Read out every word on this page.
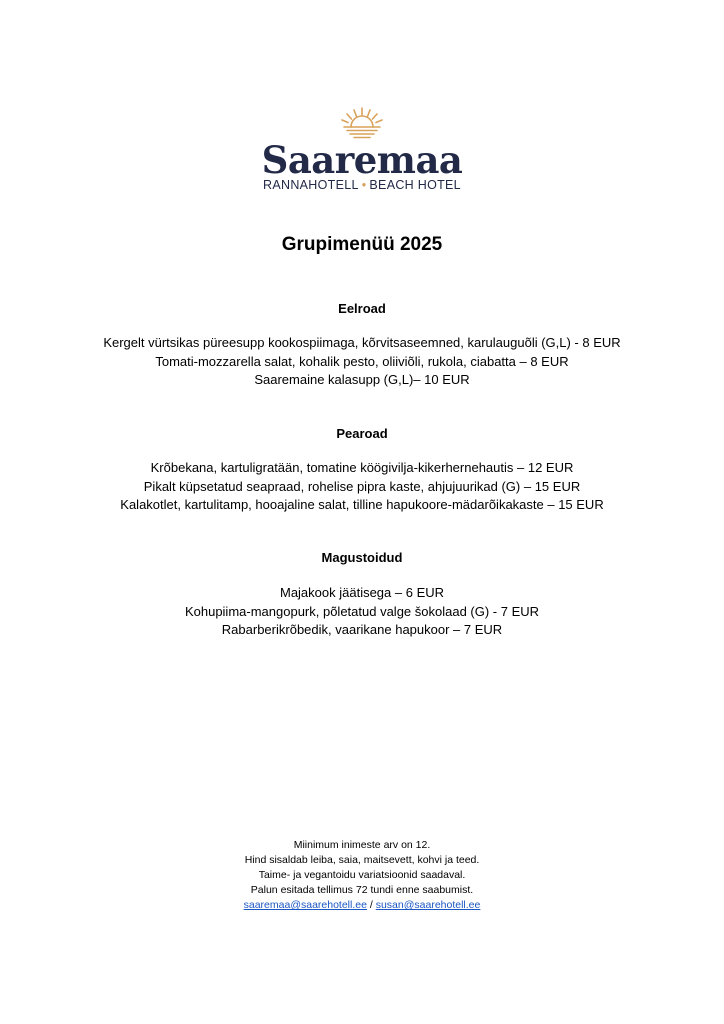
Saaremaa
RANNAHOTELL • BEACH HOTEL
Grupimenüü 2025
Eelroad
Kergelt vürtsikas püreesupp kookospiimaga, kõrvitsaseemned, karulauguõli (G,L) - 8 EUR
Tomati-mozzarella salat, kohalik pesto, oliiviõli, rukola, ciabatta – 8 EUR
Saaremaine kalasupp (G,L)– 10 EUR
Pearoad
Krõbekana, kartuligratään, tomatine köögivilja-kikerhernehautis – 12 EUR
Pikalt küpsetatud seapraad, rohelise pipra kaste, ahjujuurikad (G) – 15 EUR
Kalakotlet, kartulitamp, hooajaline salat, tilline hapukoore-mädarõikakaste – 15 EUR
Magustoidud
Majakook jäätisega – 6 EUR
Kohupiima-mangopurk, põletatud valge šokolaad (G) - 7 EUR
Rabarberikrõbedik, vaarikane hapukoor – 7 EUR
Miinimum inimeste arv on 12.
Hind sisaldab leiba, saia, maitsevett, kohvi ja teed.
Taime- ja vegantoidu variatsioonid saadaval.
Palun esitada tellimus 72 tundi enne saabumist.
saaremaa@saarehotell.ee / susan@saarehotell.ee
